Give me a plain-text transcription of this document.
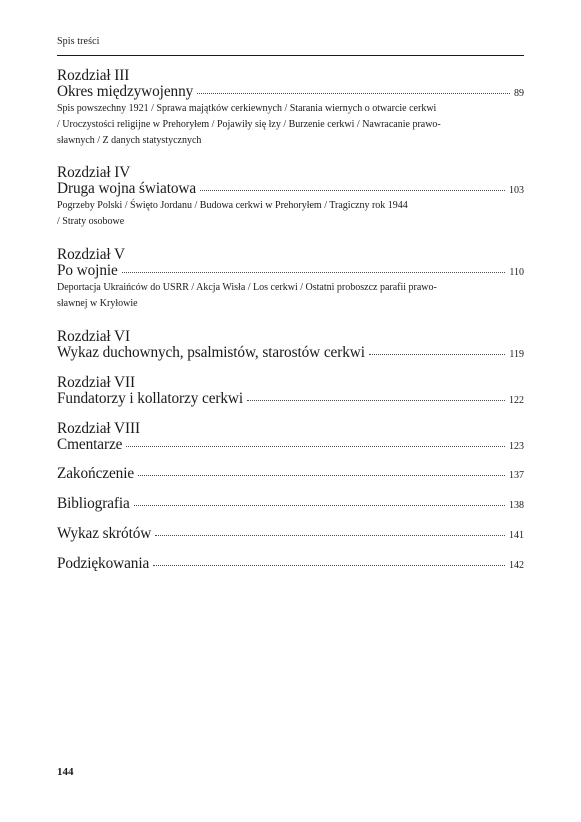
Spis treści
Rozdział III
Okres międzywojenny	89
Spis powszechny 1921 / Sprawa majątków cerkiewnych / Starania wiernych o otwarcie cerkwi
/ Uroczystości religijne w Prehoryłem / Pojawiły się łzy / Burzenie cerkwi / Nawracanie prawo-
sławnych / Z danych statystycznych
Rozdział IV
Druga wojna światowa	103
Pogrzeby Polski / Święto Jordanu / Budowa cerkwi w Prehoryłem / Tragiczny rok 1944
/ Straty osobowe
Rozdział V
Po wojnie	110
Deportacja Ukraińców do USRR / Akcja Wisła / Los cerkwi / Ostatni proboszcz parafii prawo-
sławnej w Kryłowie
Rozdział VI
Wykaz duchownych, psalmistów, starostów cerkwi	119
Rozdział VII
Fundatorzy i kollatorzy cerkwi	122
Rozdział VIII
Cmentarze	123
Zakończenie	137
Bibliografia	138
Wykaz skrótów	141
Podziękowania	142
144
